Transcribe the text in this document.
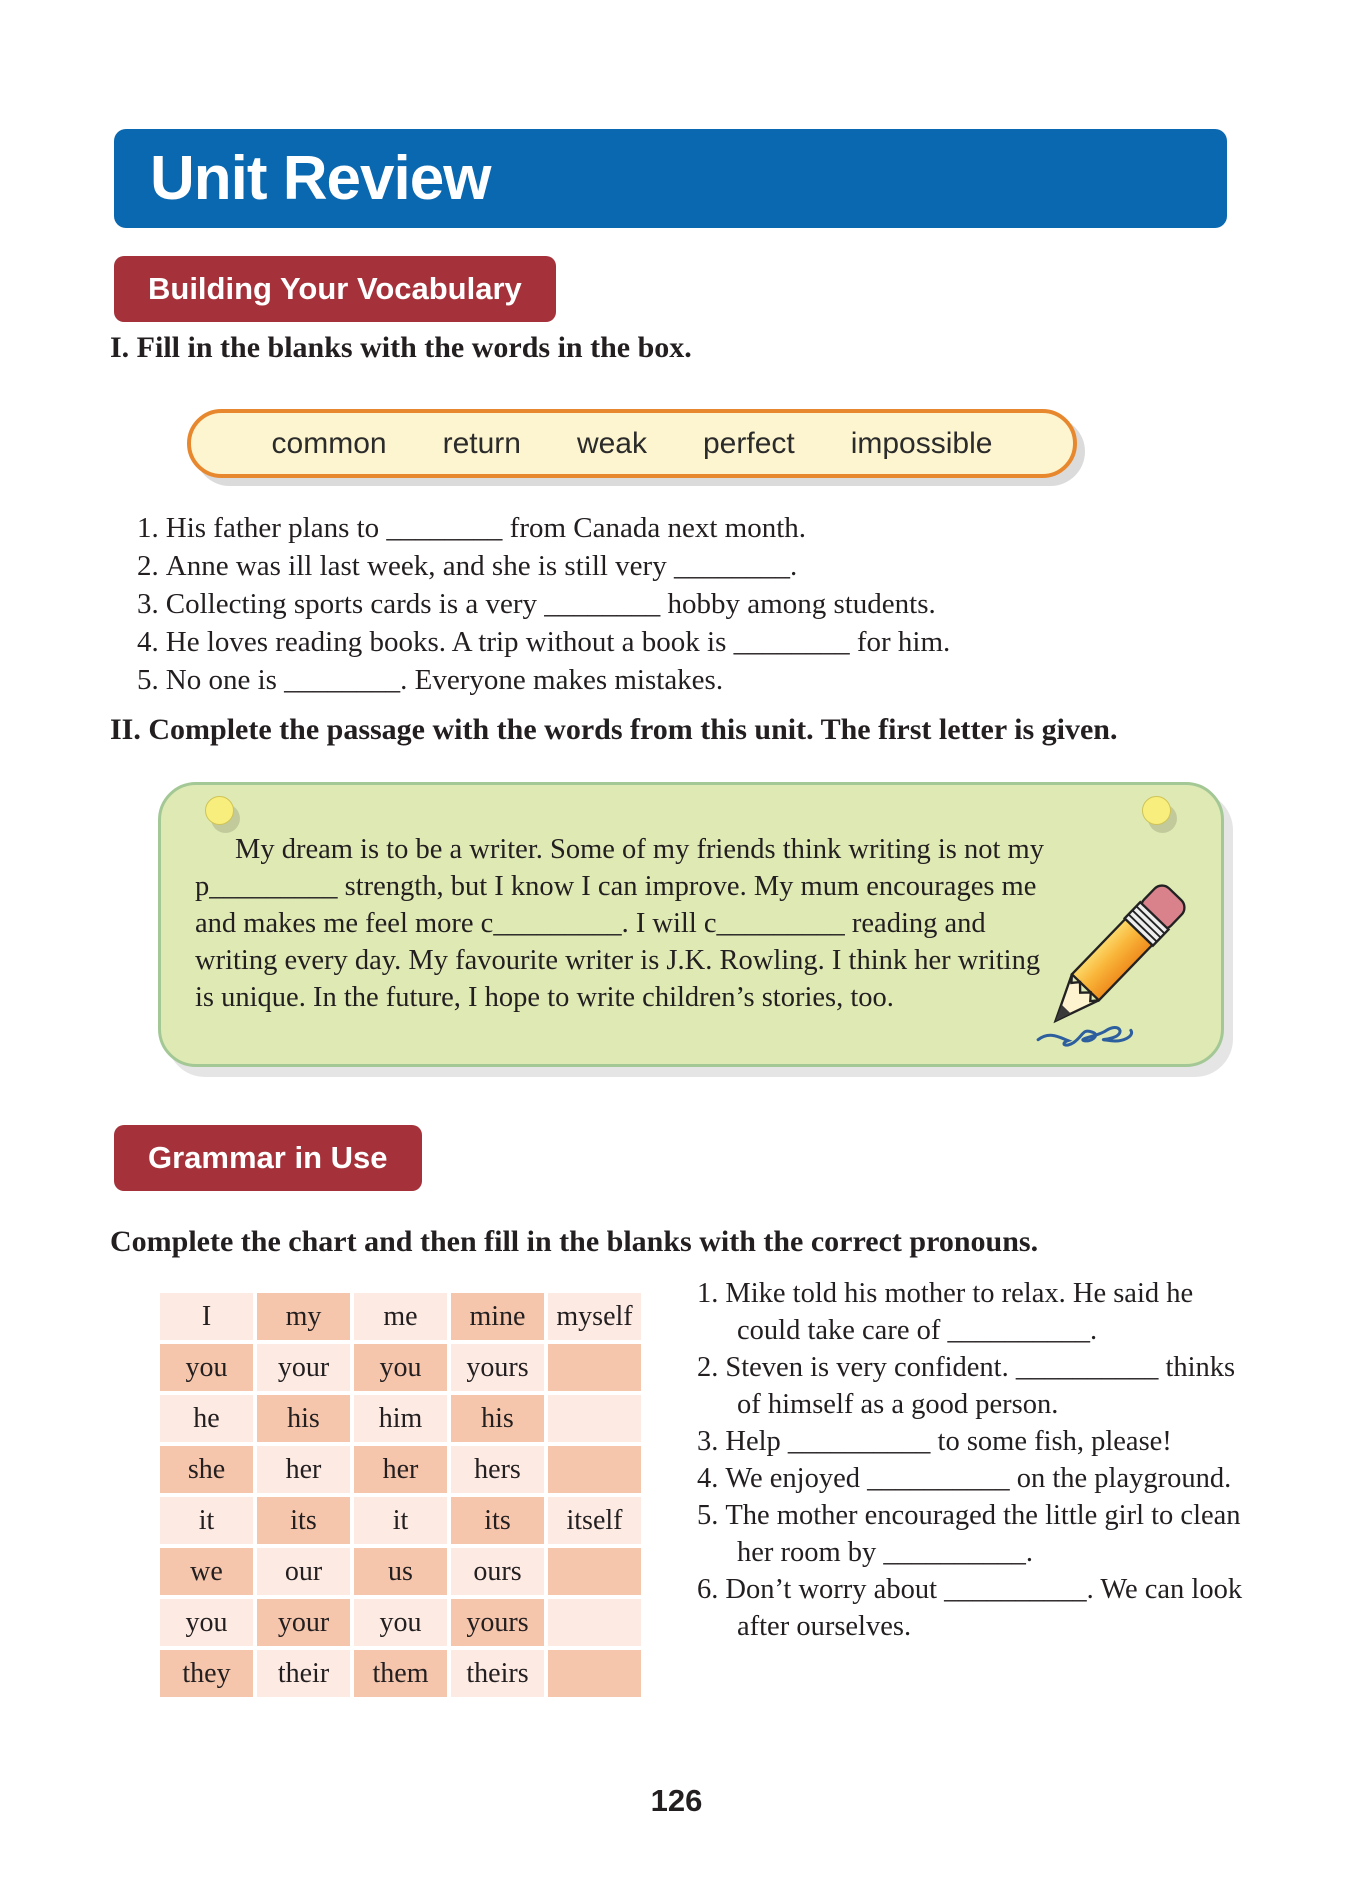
Unit Review
Building Your Vocabulary
I. Fill in the blanks with the words in the box.
common return weak perfect impossible
1. His father plans to ________ from Canada next month.
2. Anne was ill last week, and she is still very ________.
3. Collecting sports cards is a very ________ hobby among students.
4. He loves reading books. A trip without a book is ________ for him.
5. No one is ________. Everyone makes mistakes.
II. Complete the passage with the words from this unit. The first letter is given.
My dream is to be a writer. Some of my friends think writing is not my p_________ strength, but I know I can improve. My mum encourages me and makes me feel more c_________. I will c_________ reading and writing every day. My favourite writer is J.K. Rowling. I think her writing is unique. In the future, I hope to write children’s stories, too.
Grammar in Use
Complete the chart and then fill in the blanks with the correct pronouns.
I	my	me	mine	myself
you	your	you	yours
he	his	him	his
she	her	her	hers
it	its	it	its	itself
we	our	us	ours
you	your	you	yours
they	their	them	theirs
1. Mike told his mother to relax. He said he could take care of __________.
2. Steven is very confident. __________ thinks of himself as a good person.
3. Help __________ to some fish, please!
4. We enjoyed __________ on the playground.
5. The mother encouraged the little girl to clean her room by __________.
6. Don’t worry about __________. We can look after ourselves.
126
